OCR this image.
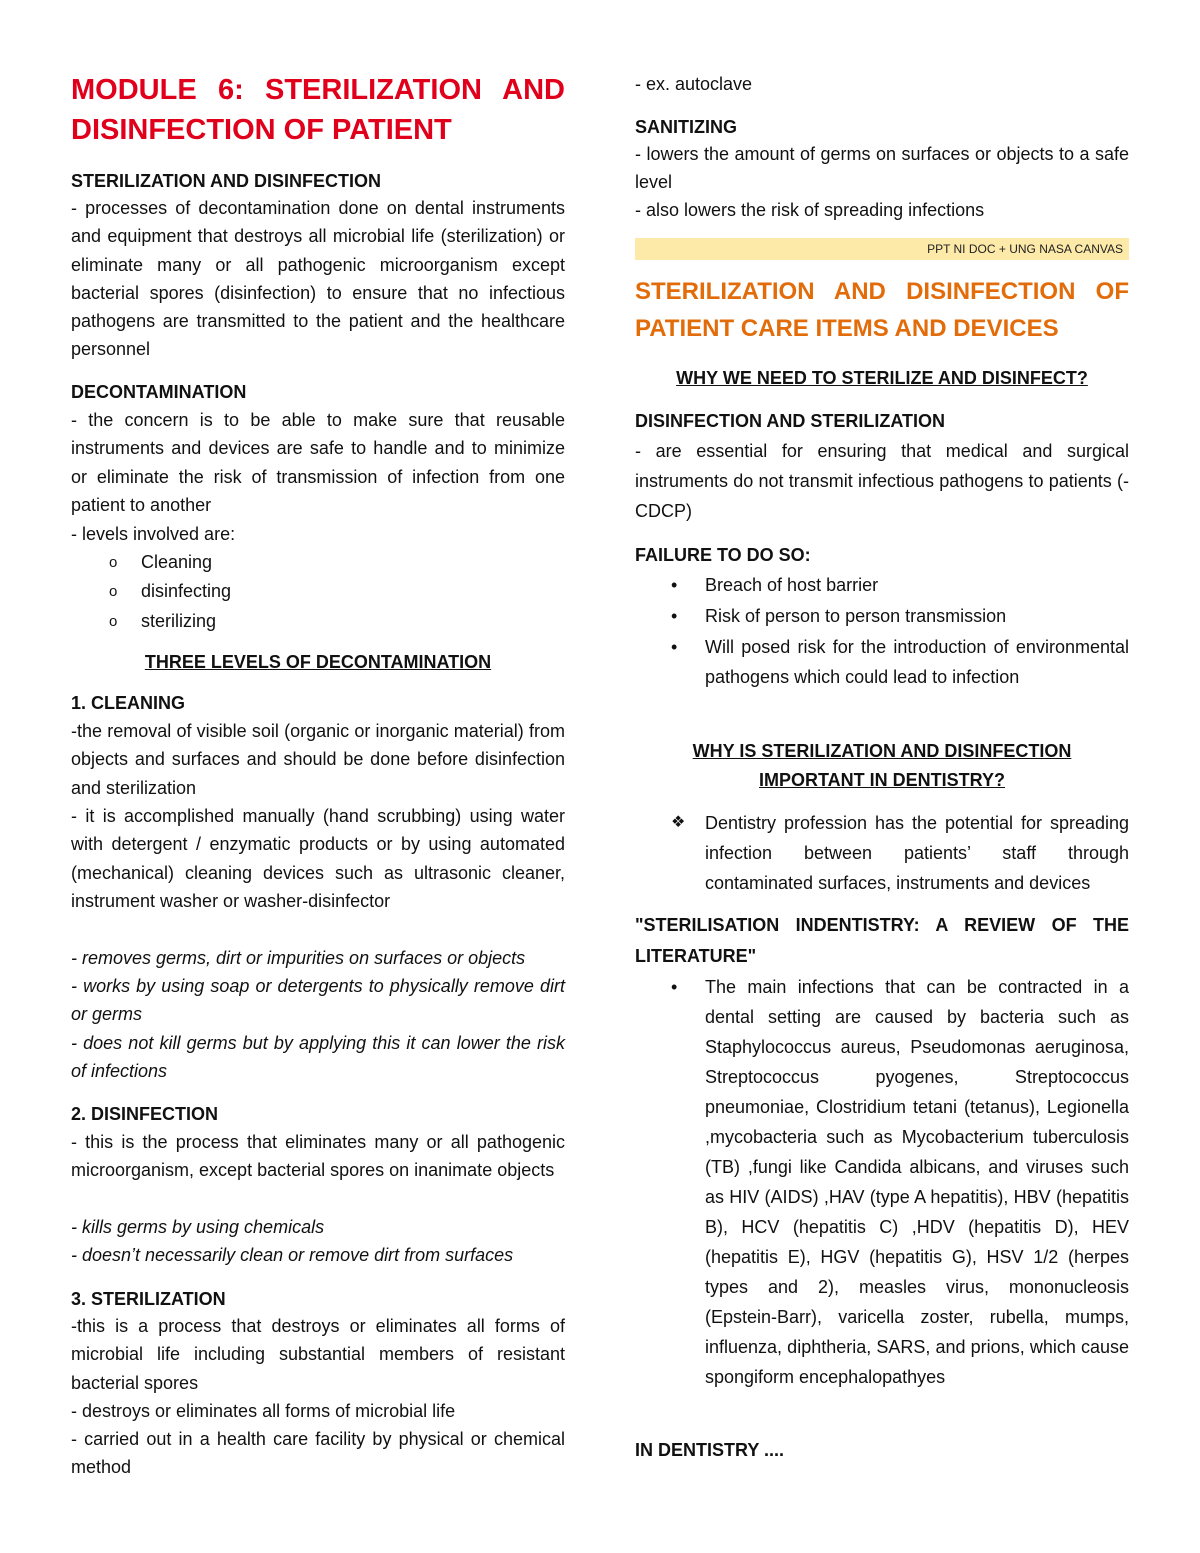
MODULE 6: STERILIZATION AND
DISINFECTION OF PATIENT
STERILIZATION AND DISINFECTION

- processes of decontamination done on dental instruments and equipment that destroys all microbial life (sterilization) or eliminate many or all pathogenic microorganism except bacterial spores (disinfection) to ensure that no infectious pathogens are transmitted to the patient and the healthcare personnel

DECONTAMINATION

- the concern is to be able to make sure that reusable instruments and devices are safe to handle and to minimize or eliminate the risk of transmission of infection from one patient to another

- levels involved are:

o Cleaning
o disinfecting
o sterilizing
THREE LEVELS OF DECONTAMINATION
1. CLEANING

-the removal of visible soil (organic or inorganic material) from objects and surfaces and should be done before disinfection and sterilization

- it is accomplished manually (hand scrubbing) using water with detergent / enzymatic products or by using automated (mechanical) cleaning devices such as ultrasonic cleaner, instrument washer or washer-disinfector

- removes germs, dirt or impurities on surfaces or objects

- works by using soap or detergents to physically remove dirt or germs

- does not kill germs but by applying this it can lower the risk of infections

2. DISINFECTION

- this is the process that eliminates many or all pathogenic microorganism, except bacterial spores on inanimate objects

- kills germs by using chemicals

- doesn’t necessarily clean or remove dirt from surfaces

3. STERILIZATION

-this is a process that destroys or eliminates all forms of microbial life including substantial members of resistant bacterial spores

- destroys or eliminates all forms of microbial life

- carried out in a health care facility by physical or chemical method

- ex. autoclave

SANITIZING

- lowers the amount of germs on surfaces or objects to a safe level

- also lowers the risk of spreading infections

PPT NI DOC + UNG NASA CANVAS
STERILIZATION AND DISINFECTION OF PATIENT CARE ITEMS AND DEVICES
WHY WE NEED TO STERILIZE AND DISINFECT?
DISINFECTION AND STERILIZATION

- are essential for ensuring that medical and surgical instruments do not transmit infectious pathogens to patients (- CDCP)

FAILURE TO DO SO:
• Breach of host barrier
• Risk of person to person transmission
• Will posed risk for the introduction of environmental pathogens which could lead to infection
WHY IS STERILIZATION AND DISINFECTION
IMPORTANT IN DENTISTRY?
❖ Dentistry profession has the potential for spreading infection between patients’ staff through contaminated surfaces, instruments and devices
"STERILISATION INDENTISTRY: A REVIEW OF THE
LITERATURE"
• The main infections that can be contracted in a dental setting are caused by bacteria such as Staphylococcus aureus, Pseudomonas aeruginosa, Streptococcus pyogenes, Streptococcus pneumoniae, Clostridium tetani (tetanus), Legionella ,mycobacteria such as Mycobacterium tuberculosis (TB) ,fungi like Candida albicans, and viruses such as HIV (AIDS) ,HAV (type A hepatitis), HBV (hepatitis B), HCV (hepatitis C) ,HDV (hepatitis D), HEV (hepatitis E), HGV (hepatitis G), HSV 1/2 (herpes types and 2), measles virus, mononucleosis (Epstein-Barr), varicella zoster, rubella, mumps, influenza, diphtheria, SARS, and prions, which cause spongiform encephalopathyes
IN DENTISTRY ....
